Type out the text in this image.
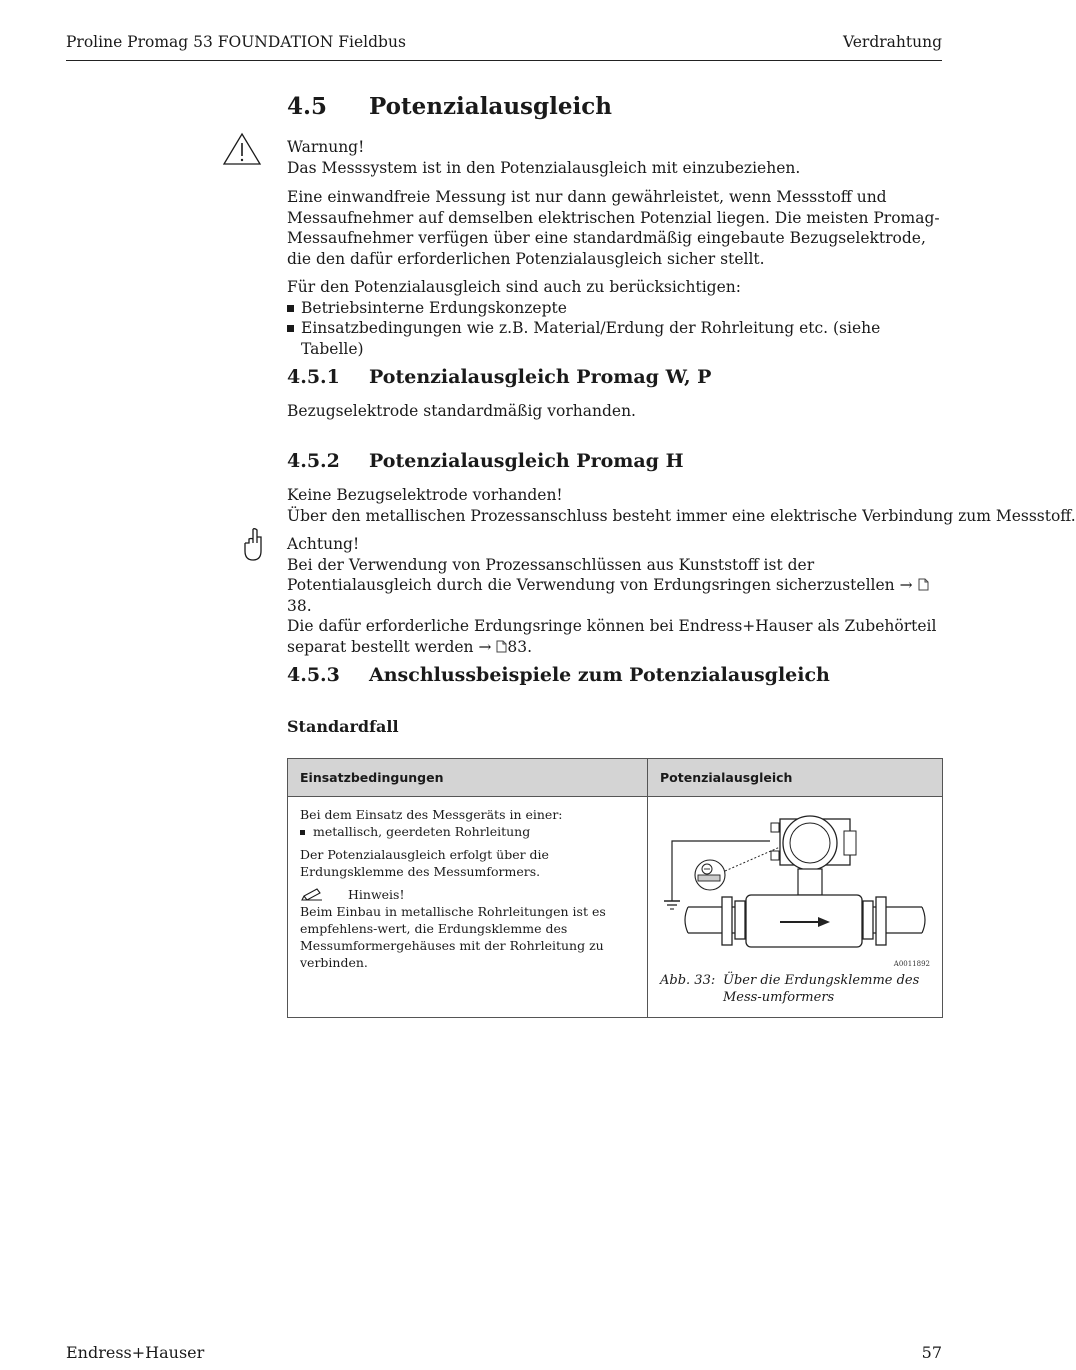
Proline Promag 53 FOUNDATION Fieldbus	Verdrahtung
4.5	Potenzialausgleich

Warnung!

Das Messsystem ist in den Potenzialausgleich mit einzubeziehen.

Eine einwandfreie Messung ist nur dann gewährleistet, wenn Messstoff und Messaufnehmer auf demselben elektrischen Potenzial liegen. Die meisten Promag-Messaufnehmer verfügen über eine standardmäßig eingebaute Bezugselektrode, die den dafür erforderlichen Potenzialausgleich sicher stellt.

Für den Potenzialausgleich sind auch zu berücksichtigen:

Betriebsinterne Erdungskonzepte
Einsatzbedingungen wie z.B. Material/Erdung der Rohrleitung etc. (siehe Tabelle)
4.5.1	Potenzialausgleich Promag W, P
Bezugselektrode standardmäßig vorhanden.
4.5.2	Potenzialausgleich Promag H

Keine Bezugselektrode vorhanden!

Über den metallischen Prozessanschluss besteht immer eine elektrische Verbindung zum Messstoff.

Achtung!

Bei der Verwendung von Prozessanschlüssen aus Kunststoff ist der Potentialausgleich durch die Verwendung von Erdungsringen sicherzustellen → 38.

Die dafür erforderliche Erdungsringe können bei Endress+Hauser als Zubehörteil separat bestellt werden → 83.

4.5.3	Anschlussbeispiele zum Potenzialausgleich
Standardfall
Einsatzbedingungen	Potenzialausgleich

Bei dem Einsatz des Messgeräts in einer:

metallisch, geerdeten Rohrleitung

Der Potenzialausgleich erfolgt über die Erdungsklemme des Messumformers.

Hinweis!

Beim Einbau in metallische Rohrleitungen ist es empfehlens-wert, die Erdungsklemme des Messumformergehäuses mit der Rohrleitung zu verbinden.	A0011892
Abb. 33: Über die Erdungsklemme des Mess-umformers
Endress+Hauser	57
